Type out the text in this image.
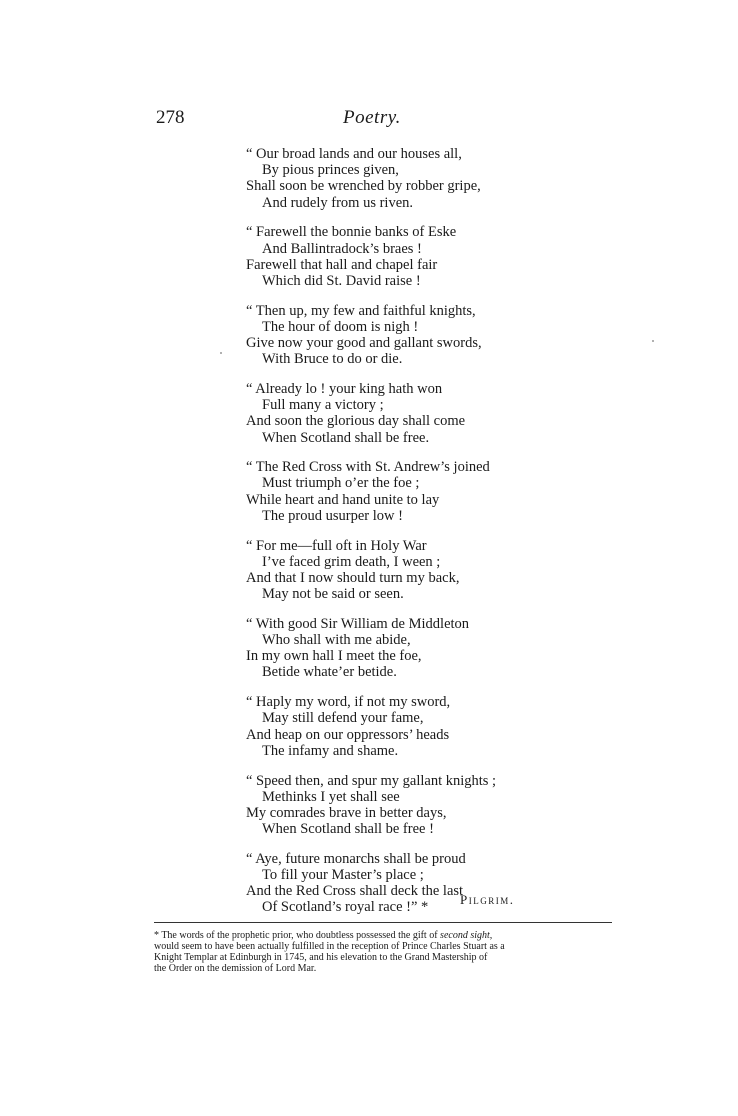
278	Poetry.
“ Our broad lands and our houses all,
By pious princes given,
Shall soon be wrenched by robber gripe,
And rudely from us riven.
“ Farewell the bonnie banks of Eske
And Ballintradock’s braes !
Farewell that hall and chapel fair
Which did St. David raise !
“ Then up, my few and faithful knights,
The hour of doom is nigh !
Give now your good and gallant swords,
With Bruce to do or die.
“ Already lo ! your king hath won
Full many a victory ;
And soon the glorious day shall come
When Scotland shall be free.
“ The Red Cross with St. Andrew’s joined
Must triumph o’er the foe ;
While heart and hand unite to lay
The proud usurper low !
“ For me—full oft in Holy War
I’ve faced grim death, I ween ;
And that I now should turn my back,
May not be said or seen.
“ With good Sir William de Middleton
Who shall with me abide,
In my own hall I meet the foe,
Betide whate’er betide.
“ Haply my word, if not my sword,
May still defend your fame,
And heap on our oppressors’ heads
The infamy and shame.
“ Speed then, and spur my gallant knights ;
Methinks I yet shall see
My comrades brave in better days,
When Scotland shall be free !
“ Aye, future monarchs shall be proud
To fill your Master’s place ;
And the Red Cross shall deck the last
Of Scotland’s royal race !” *	Pilgrim.
* The words of the prophetic prior, who doubtless possessed the gift of second sight,
would seem to have been actually fulfilled in the reception of Prince Charles Stuart as a
Knight Templar at Edinburgh in 1745, and his elevation to the Grand Mastership of
the Order on the demission of Lord Mar.
